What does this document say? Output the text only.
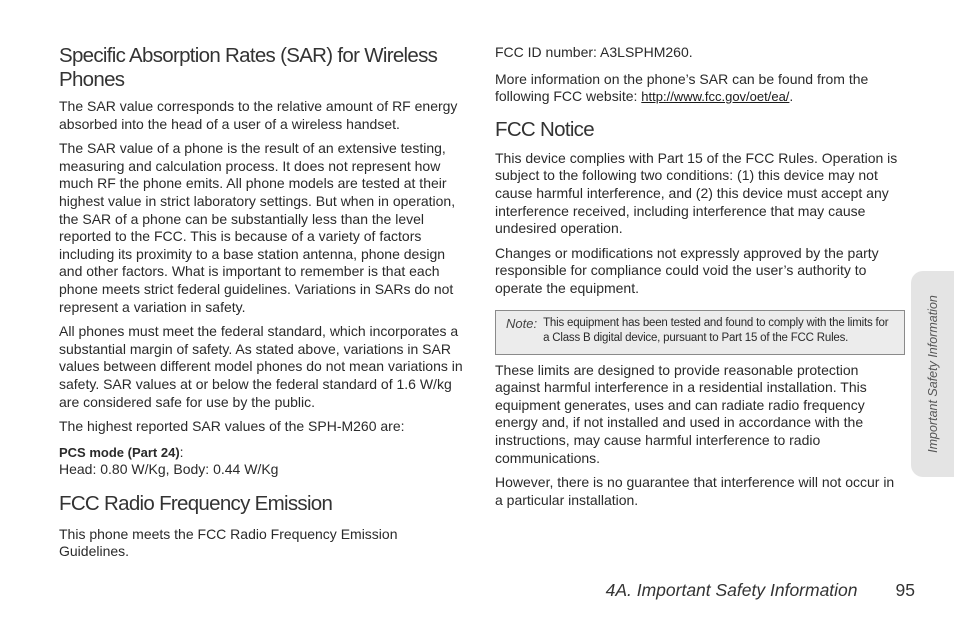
Specific Absorption Rates (SAR) for Wireless Phones

The SAR value corresponds to the relative amount of RF energy absorbed into the head of a user of a wireless handset.

The SAR value of a phone is the result of an extensive testing, measuring and calculation process. It does not represent how much RF the phone emits. All phone models are tested at their highest value in strict laboratory settings. But when in operation, the SAR of a phone can be substantially less than the level reported to the FCC. This is because of a variety of factors including its proximity to a base station antenna, phone design and other factors. What is important to remember is that each phone meets strict federal guidelines. Variations in SARs do not represent a variation in safety.

All phones must meet the federal standard, which incorporates a substantial margin of safety. As stated above, variations in SAR values between different model phones do not mean variations in safety. SAR values at or below the federal standard of 1.6 W/kg are considered safe for use by the public.

The highest reported SAR values of the SPH-M260 are:

PCS mode (Part 24):
Head: 0.80 W/Kg, Body: 0.44 W/Kg

FCC Radio Frequency Emission

This phone meets the FCC Radio Frequency Emission Guidelines.

FCC ID number: A3LSPHM260.

More information on the phone’s SAR can be found from the following FCC website: http://www.fcc.gov/oet/ea/.

FCC Notice

This device complies with Part 15 of the FCC Rules. Operation is subject to the following two conditions: (1) this device may not cause harmful interference, and (2) this device must accept any interference received, including interference that may cause undesired operation.

Changes or modifications not expressly approved by the party responsible for compliance could void the user’s authority to operate the equipment.

Note: This equipment has been tested and found to comply with the limits for a Class B digital device, pursuant to Part 15 of the FCC Rules.

These limits are designed to provide reasonable protection against harmful interference in a residential installation. This equipment generates, uses and can radiate radio frequency energy and, if not installed and used in accordance with the instructions, may cause harmful interference to radio communications.

However, there is no guarantee that interference will not occur in a particular installation.

Important Safety Information
4A. Important Safety Information 95
